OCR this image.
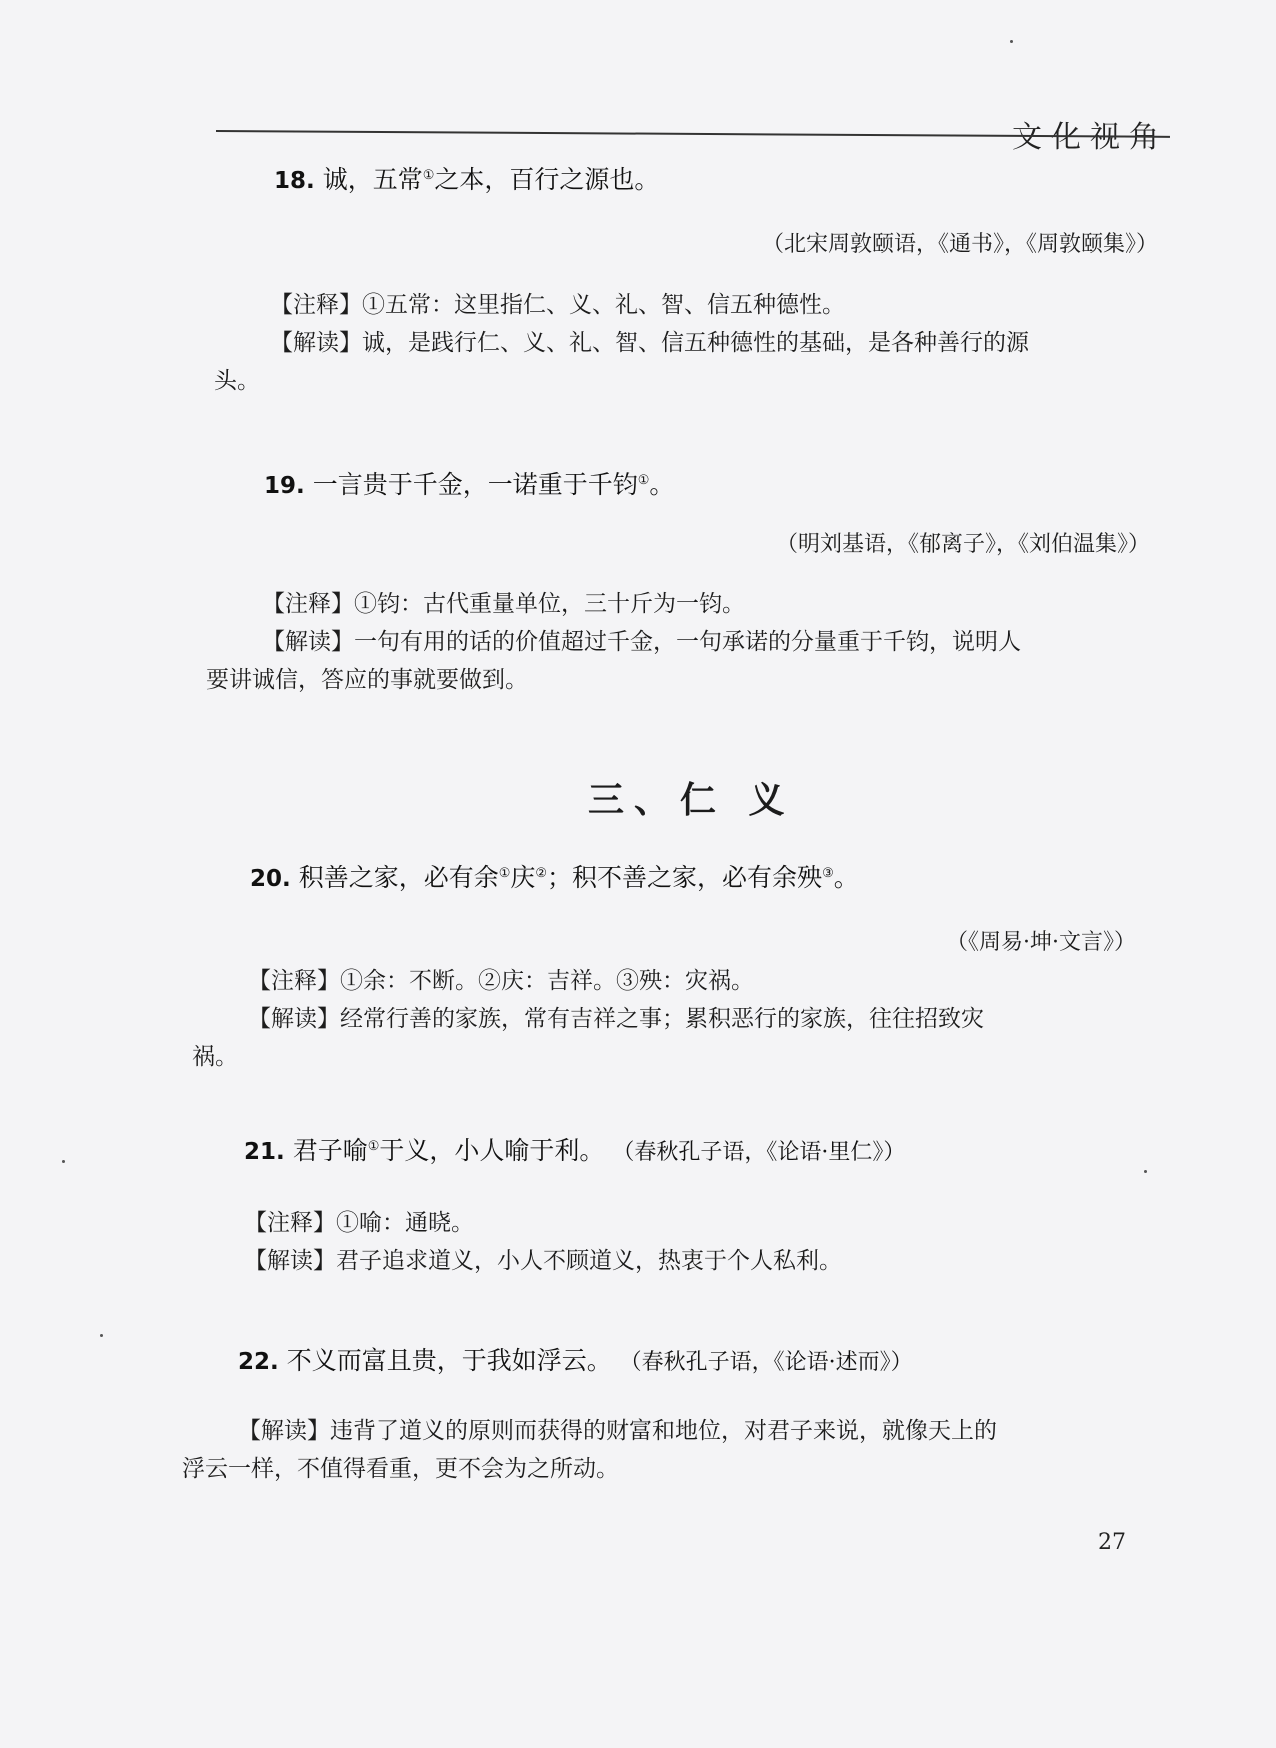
文化视角
18. 诚，五常①之本，百行之源也。
（北宋周敦颐语，《通书》，《周敦颐集》）
【注释】①五常：这里指仁、义、礼、智、信五种德性。
【解读】诚，是践行仁、义、礼、智、信五种德性的基础，是各种善行的源
头。
19. 一言贵于千金，一诺重于千钧①。
（明刘基语，《郁离子》，《刘伯温集》）
【注释】①钧：古代重量单位，三十斤为一钧。
【解读】一句有用的话的价值超过千金，一句承诺的分量重于千钧，说明人
要讲诚信，答应的事就要做到。
三、仁 义
20. 积善之家，必有余①庆②；积不善之家，必有余殃③。
（《周易·坤·文言》）
【注释】①余：不断。②庆：吉祥。③殃：灾祸。
【解读】经常行善的家族，常有吉祥之事；累积恶行的家族，往往招致灾
祸。
21. 君子喻①于义，小人喻于利。 （春秋孔子语，《论语·里仁》）
【注释】①喻：通晓。
【解读】君子追求道义，小人不顾道义，热衷于个人私利。
22. 不义而富且贵，于我如浮云。 （春秋孔子语，《论语·述而》）
【解读】违背了道义的原则而获得的财富和地位，对君子来说，就像天上的
浮云一样，不值得看重，更不会为之所动。
27
